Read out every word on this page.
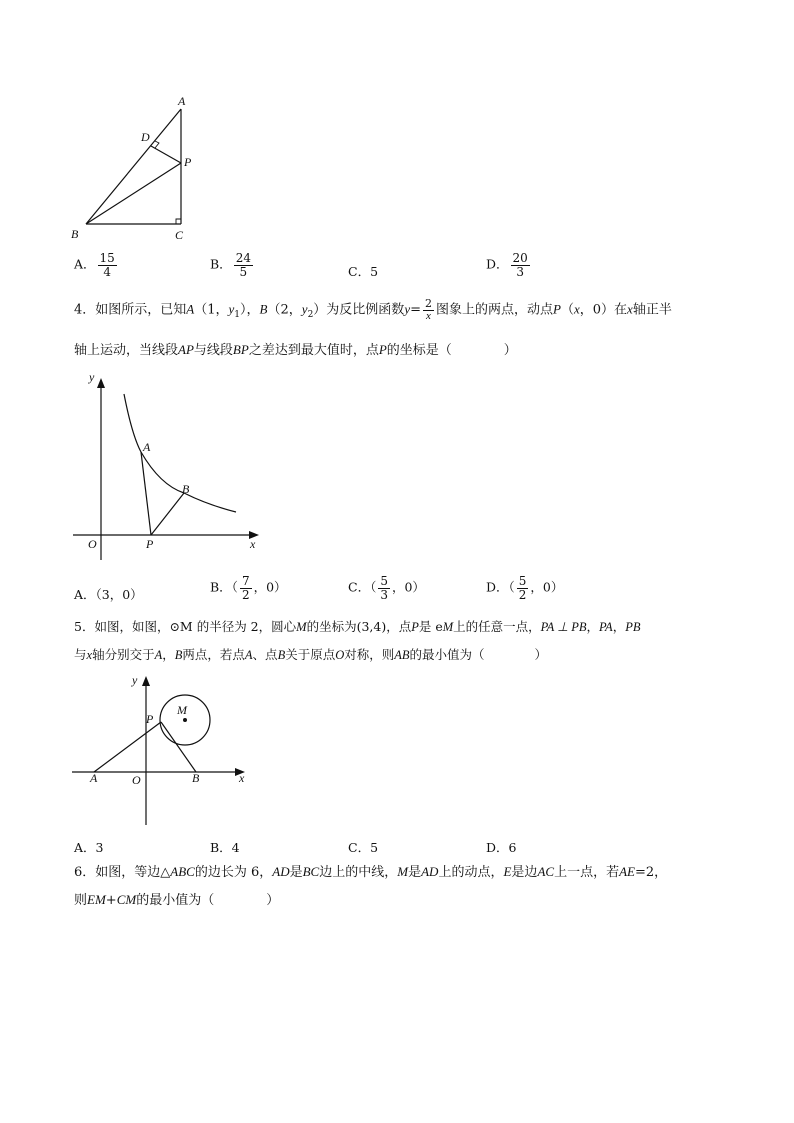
A
D
P
B	C
A． $\frac{15}{4}$	B． $\frac{24}{5}$	C．5	D． $\frac{20}{3}$
4．如图所示，已知A（1，$y_1$），B（2，$y_2$）为反比例函数$y= \frac{2}{x}$ 图象上的两点，动点P（x，0）在x轴正半
轴上运动，当线段AP与线段BP之差达到最大值时，点P的坐标是（　　　　）
y
A
B
O	P	x
A．（3，0）	B．（ $\frac{7}{2}$ ，0）	C．（ $\frac{5}{3}$ ，0）	D．（ $\frac{5}{2}$ ，0）
5．如图，如图，⊙M 的半径为 2，圆心M的坐标为(3,4)，点P是 eM上的任意一点，PA ⊥ PB，PA，PB
与x轴分别交于A，B两点，若点A、点B关于原点O对称，则AB的最小值为（　　　　）
y
P
M
A	O	B	x
A．3	B．4	C．5	D．6
6．如图，等边△ABC的边长为 6，AD是BC边上的中线，M是AD上的动点，E是边AC上一点，若AE=2，
则EM+CM的最小值为（　　　　）
